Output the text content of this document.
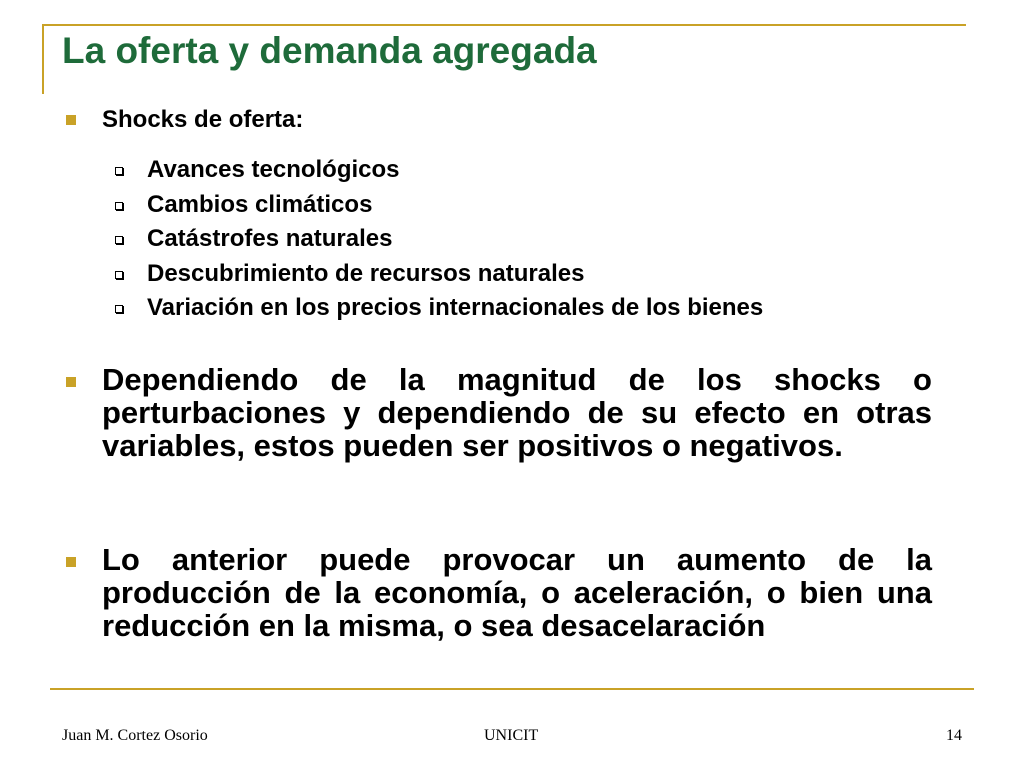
La oferta y demanda agregada
Shocks de oferta:
Avances tecnológicos
Cambios climáticos
Catástrofes naturales
Descubrimiento de recursos naturales
Variación en los precios internacionales de los bienes

Dependiendo de la magnitud de los shocks o perturbaciones y dependiendo de su efecto en otras variables, estos pueden ser positivos o negativos.

Lo anterior puede provocar un aumento de la producción de la economía, o aceleración, o bien una reducción en la misma, o sea desacelaración

Juan M. Cortez Osorio	UNICIT	14
